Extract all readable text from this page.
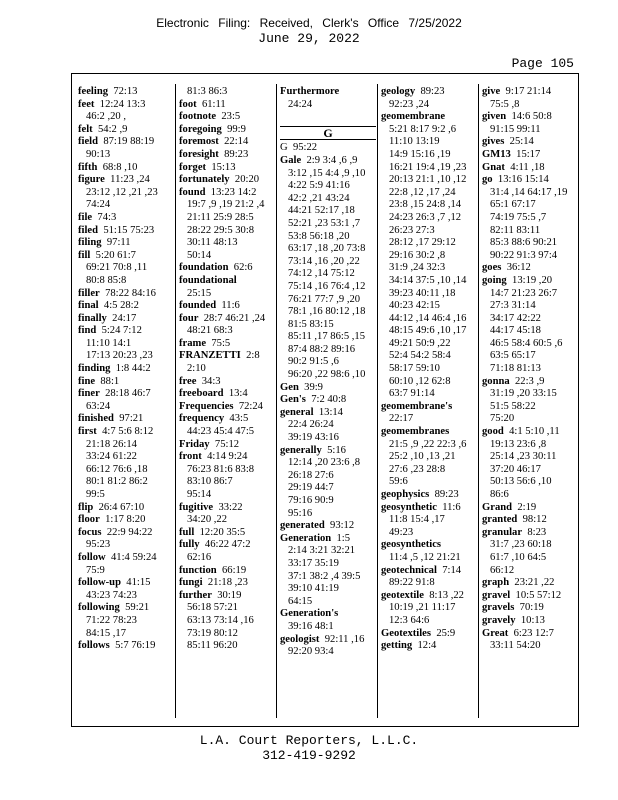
Electronic Filing: Received, Clerk's Office 7/25/2022
June 29, 2022
Page 105
feeling  72:13
feet  12:24 13:3
46:2 ,20 ,
felt  54:2 ,9
field  87:19 88:19
90:13
fifth  68:8 ,10
figure  11:23 ,24
23:12 ,12 ,21 ,23
74:24
file  74:3
filed  51:15 75:23
filing  97:11
fill  5:20 61:7
69:21 70:8 ,11
80:8 85:8
filler  78:22 84:16
final  4:5 28:2
finally  24:17
find  5:24 7:12
11:10 14:1
17:13 20:23 ,23
finding  1:8 44:2
fine  88:1
finer  28:18 46:7
63:24
finished  97:21
first  4:7 5:6 8:12
21:18 26:14
33:24 61:22
66:12 76:6 ,18
80:1 81:2 86:2
99:5
flip  26:4 67:10
floor  1:17 8:20
focus  22:9 94:22
95:23
follow  41:4 59:24
75:9
follow-up  41:15
43:23 74:23
following  59:21
71:22 78:23
84:15 ,17
follows  5:7 76:19
81:3 86:3
foot  61:11
footnote  23:5
foregoing  99:9
foremost  22:14
foresight  89:23
forget  15:13
fortunately  20:20
found  13:23 14:2
19:7 ,9 ,19 21:2 ,4
21:11 25:9 28:5
28:22 29:5 30:8
30:11 48:13
50:14
foundation  62:6
foundational
25:15
founded  11:6
four  28:7 46:21 ,24
48:21 68:3
frame  75:5
FRANZETTI  2:8
2:10
free  34:3
freeboard  13:4
Frequencies  72:24
frequency  43:5
44:23 45:4 47:5
Friday  75:12
front  4:14 9:24
76:23 81:6 83:8
83:10 86:7
95:14
fugitive  33:22
34:20 ,22
full  12:20 35:5
fully  46:22 47:2
62:16
function  66:19
fungi  21:18 ,23
further  30:19
56:18 57:21
63:13 73:14 ,16
73:19 80:12
85:11 96:20
Furthermore
24:24
G
G  95:22
Gale  2:9 3:4 ,6 ,9
3:12 ,15 4:4 ,9 ,10
4:22 5:9 41:16
42:2 ,21 43:24
44:21 52:17 ,18
52:21 ,23 53:1 ,7
53:8 56:18 ,20
63:17 ,18 ,20 73:8
73:14 ,16 ,20 ,22
74:12 ,14 75:12
75:14 ,16 76:4 ,12
76:21 77:7 ,9 ,20
78:1 ,16 80:12 ,18
81:5 83:15
85:11 ,17 86:5 ,15
87:4 88:2 89:16
90:2 91:5 ,6
96:20 ,22 98:6 ,10
Gen  39:9
Gen's  7:2 40:8
general  13:14
22:4 26:24
39:19 43:16
generally  5:16
12:14 ,20 23:6 ,8
26:18 27:6
29:19 44:7
79:16 90:9
95:16
generated  93:12
Generation  1:5
2:14 3:21 32:21
33:17 35:19
37:1 38:2 ,4 39:5
39:10 41:19
64:15
Generation's
39:16 48:1
geologist  92:11 ,16
92:20 93:4
geology  89:23
92:23 ,24
geomembrane
5:21 8:17 9:2 ,6
11:10 13:19
14:9 15:16 ,19
16:21 19:4 ,19 ,23
20:13 21:1 ,10 ,12
22:8 ,12 ,17 ,24
23:8 ,15 24:8 ,14
24:23 26:3 ,7 ,12
26:23 27:3
28:12 ,17 29:12
29:16 30:2 ,8
31:9 ,24 32:3
34:14 37:5 ,10 ,14
39:23 40:11 ,18
40:23 42:15
44:12 ,14 46:4 ,16
48:15 49:6 ,10 ,17
49:21 50:9 ,22
52:4 54:2 58:4
58:17 59:10
60:10 ,12 62:8
63:7 91:14
geomembrane's
22:17
geomembranes
21:5 ,9 ,22 22:3 ,6
25:2 ,10 ,13 ,21
27:6 ,23 28:8
59:6
geophysics  89:23
geosynthetic  11:6
11:8 15:4 ,17
49:23
geosynthetics
11:4 ,5 ,12 21:21
geotechnical  7:14
89:22 91:8
geotextile  8:13 ,22
10:19 ,21 11:17
12:3 64:6
Geotextiles  25:9
getting  12:4
give  9:17 21:14
75:5 ,8
given  14:6 50:8
91:15 99:11
gives  25:14
GM13  15:17
Gnat  4:11 ,18
go  13:16 15:14
31:4 ,14 64:17 ,19
65:1 67:17
74:19 75:5 ,7
82:11 83:11
85:3 88:6 90:21
90:22 91:3 97:4
goes  36:12
going  13:19 ,20
14:7 21:23 26:7
27:3 31:14
34:17 42:22
44:17 45:18
46:5 58:4 60:5 ,6
63:5 65:17
71:18 81:13
gonna  22:3 ,9
31:19 ,20 33:15
51:5 58:22
75:20
good  4:1 5:10 ,11
19:13 23:6 ,8
25:14 ,23 30:11
37:20 46:17
50:13 56:6 ,10
86:6
Grand  2:19
granted  98:12
granular  8:23
31:7 ,23 60:18
61:7 ,10 64:5
66:12
graph  23:21 ,22
gravel  10:5 57:12
gravels  70:19
gravely  10:13
Great  6:23 12:7
33:11 54:20
L.A. Court Reporters, L.L.C.
312-419-9292
